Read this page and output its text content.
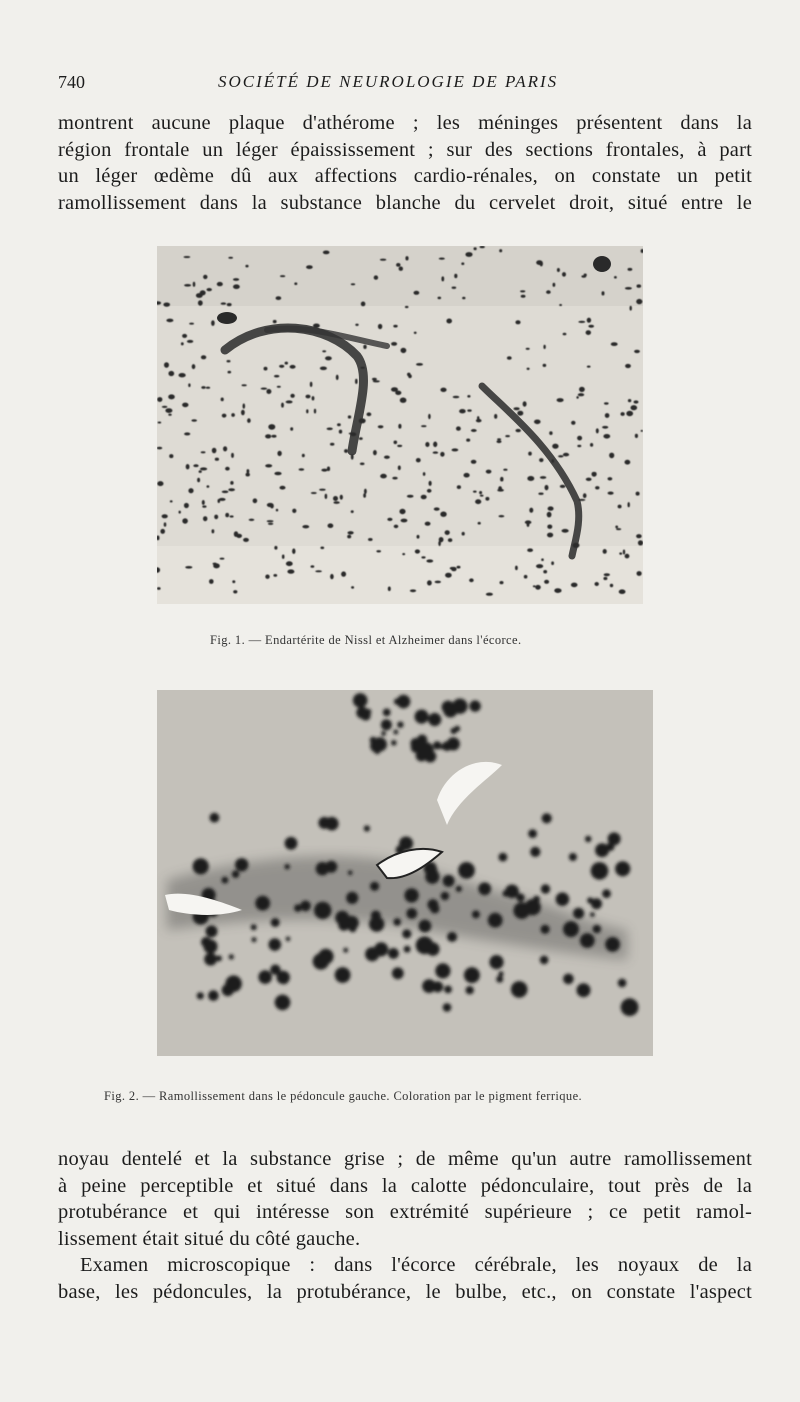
740	SOCIÉTÉ DE NEUROLOGIE DE PARIS
montrent aucune plaque d'athérome ; les méninges présentent dans la
région frontale un léger épaississement ; sur des sections frontales, à part
un léger œdème dû aux affections cardio-rénales, on constate un petit
ramollissement dans la substance blanche du cervelet droit, situé entre le
Fig. 1. — Endartérite de Nissl et Alzheimer dans l'écorce.
Fig. 2. — Ramollissement dans le pédoncule gauche. Coloration par le pigment ferrique.
noyau dentelé et la substance grise ; de même qu'un autre ramollissement
à peine perceptible et situé dans la calotte pédonculaire, tout près de la
protubérance et qui intéresse son extrémité supérieure ; ce petit ramol-
lissement était situé du côté gauche.
Examen microscopique : dans l'écorce cérébrale, les noyaux de la
base, les pédoncules, la protubérance, le bulbe, etc., on constate l'aspect
